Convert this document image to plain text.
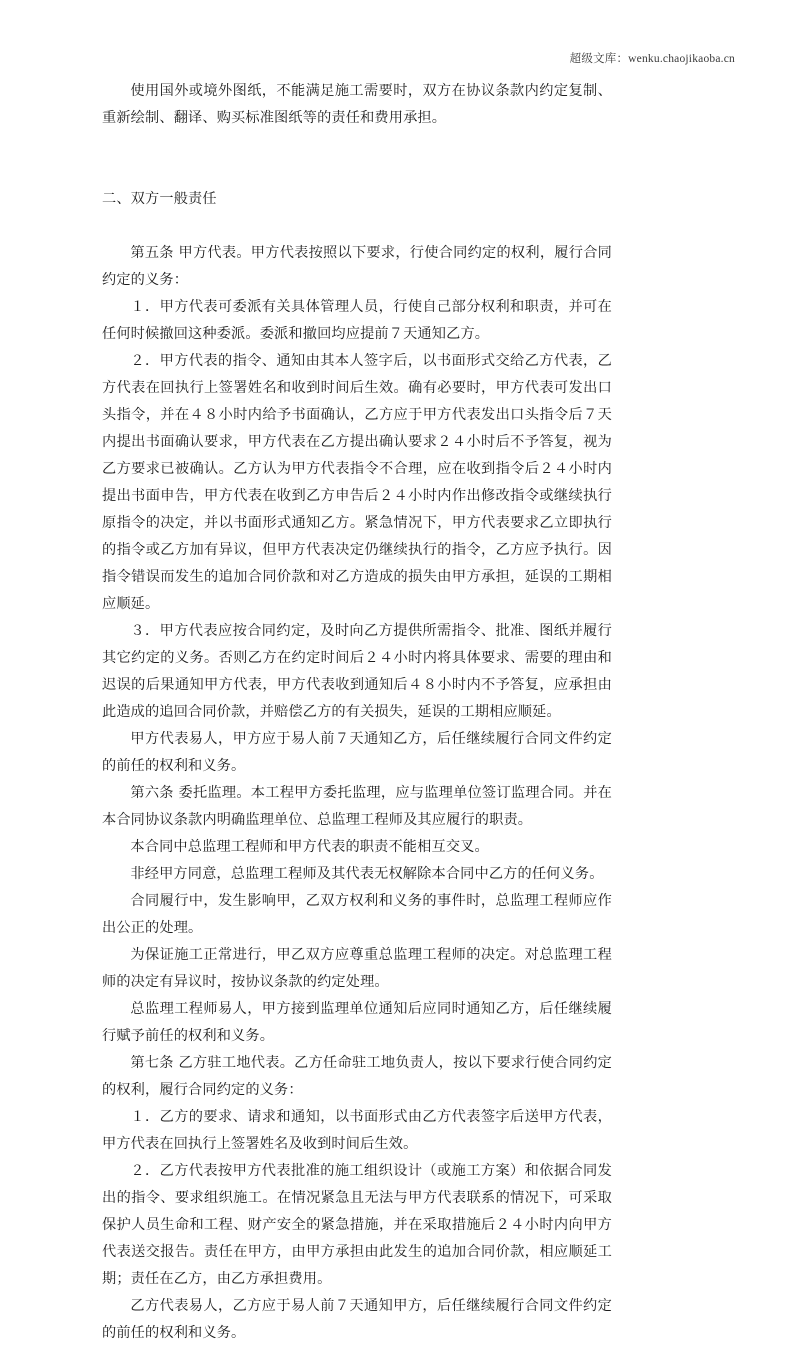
超级文库：wenku.chaojikaoba.cn

使用国外或境外图纸，不能满足施工需要时，双方在协议条款内约定复制、重新绘制、翻译、购买标准图纸等的责任和费用承担。

二、双方一般责任

第五条 甲方代表。甲方代表按照以下要求，行使合同约定的权利，履行合同约定的义务：

１．甲方代表可委派有关具体管理人员，行使自己部分权利和职责，并可在任何时候撤回这种委派。委派和撤回均应提前７天通知乙方。

２．甲方代表的指令、通知由其本人签字后，以书面形式交给乙方代表，乙方代表在回执行上签署姓名和收到时间后生效。确有必要时，甲方代表可发出口头指令，并在４８小时内给予书面确认，乙方应于甲方代表发出口头指令后７天内提出书面确认要求，甲方代表在乙方提出确认要求２４小时后不予答复，视为乙方要求已被确认。乙方认为甲方代表指令不合理，应在收到指令后２４小时内提出书面申告，甲方代表在收到乙方申告后２４小时内作出修改指令或继续执行原指令的决定，并以书面形式通知乙方。紧急情况下，甲方代表要求乙立即执行的指令或乙方加有异议，但甲方代表决定仍继续执行的指令，乙方应予执行。因指令错误而发生的追加合同价款和对乙方造成的损失由甲方承担，延误的工期相应顺延。

３．甲方代表应按合同约定，及时向乙方提供所需指令、批准、图纸并履行其它约定的义务。否则乙方在约定时间后２４小时内将具体要求、需要的理由和迟误的后果通知甲方代表，甲方代表收到通知后４８小时内不予答复，应承担由此造成的追回合同价款，并赔偿乙方的有关损失，延误的工期相应顺延。

甲方代表易人，甲方应于易人前７天通知乙方，后任继续履行合同文件约定的前任的权利和义务。

第六条 委托监理。本工程甲方委托监理，应与监理单位签订监理合同。并在本合同协议条款内明确监理单位、总监理工程师及其应履行的职责。

本合同中总监理工程师和甲方代表的职责不能相互交叉。

非经甲方同意，总监理工程师及其代表无权解除本合同中乙方的任何义务。

合同履行中，发生影响甲，乙双方权利和义务的事件时，总监理工程师应作出公正的处理。

为保证施工正常进行，甲乙双方应尊重总监理工程师的决定。对总监理工程师的决定有异议时，按协议条款的约定处理。

总监理工程师易人，甲方接到监理单位通知后应同时通知乙方，后任继续履行赋予前任的权利和义务。

第七条 乙方驻工地代表。乙方任命驻工地负责人，按以下要求行使合同约定的权利，履行合同约定的义务：

１．乙方的要求、请求和通知，以书面形式由乙方代表签字后送甲方代表，甲方代表在回执行上签署姓名及收到时间后生效。

２．乙方代表按甲方代表批准的施工组织设计（或施工方案）和依据合同发出的指令、要求组织施工。在情况紧急且无法与甲方代表联系的情况下，可采取保护人员生命和工程、财产安全的紧急措施，并在采取措施后２４小时内向甲方代表送交报告。责任在甲方，由甲方承担由此发生的追加合同价款，相应顺延工期；责任在乙方，由乙方承担费用。

乙方代表易人，乙方应于易人前７天通知甲方，后任继续履行合同文件约定的前任的权利和义务。
